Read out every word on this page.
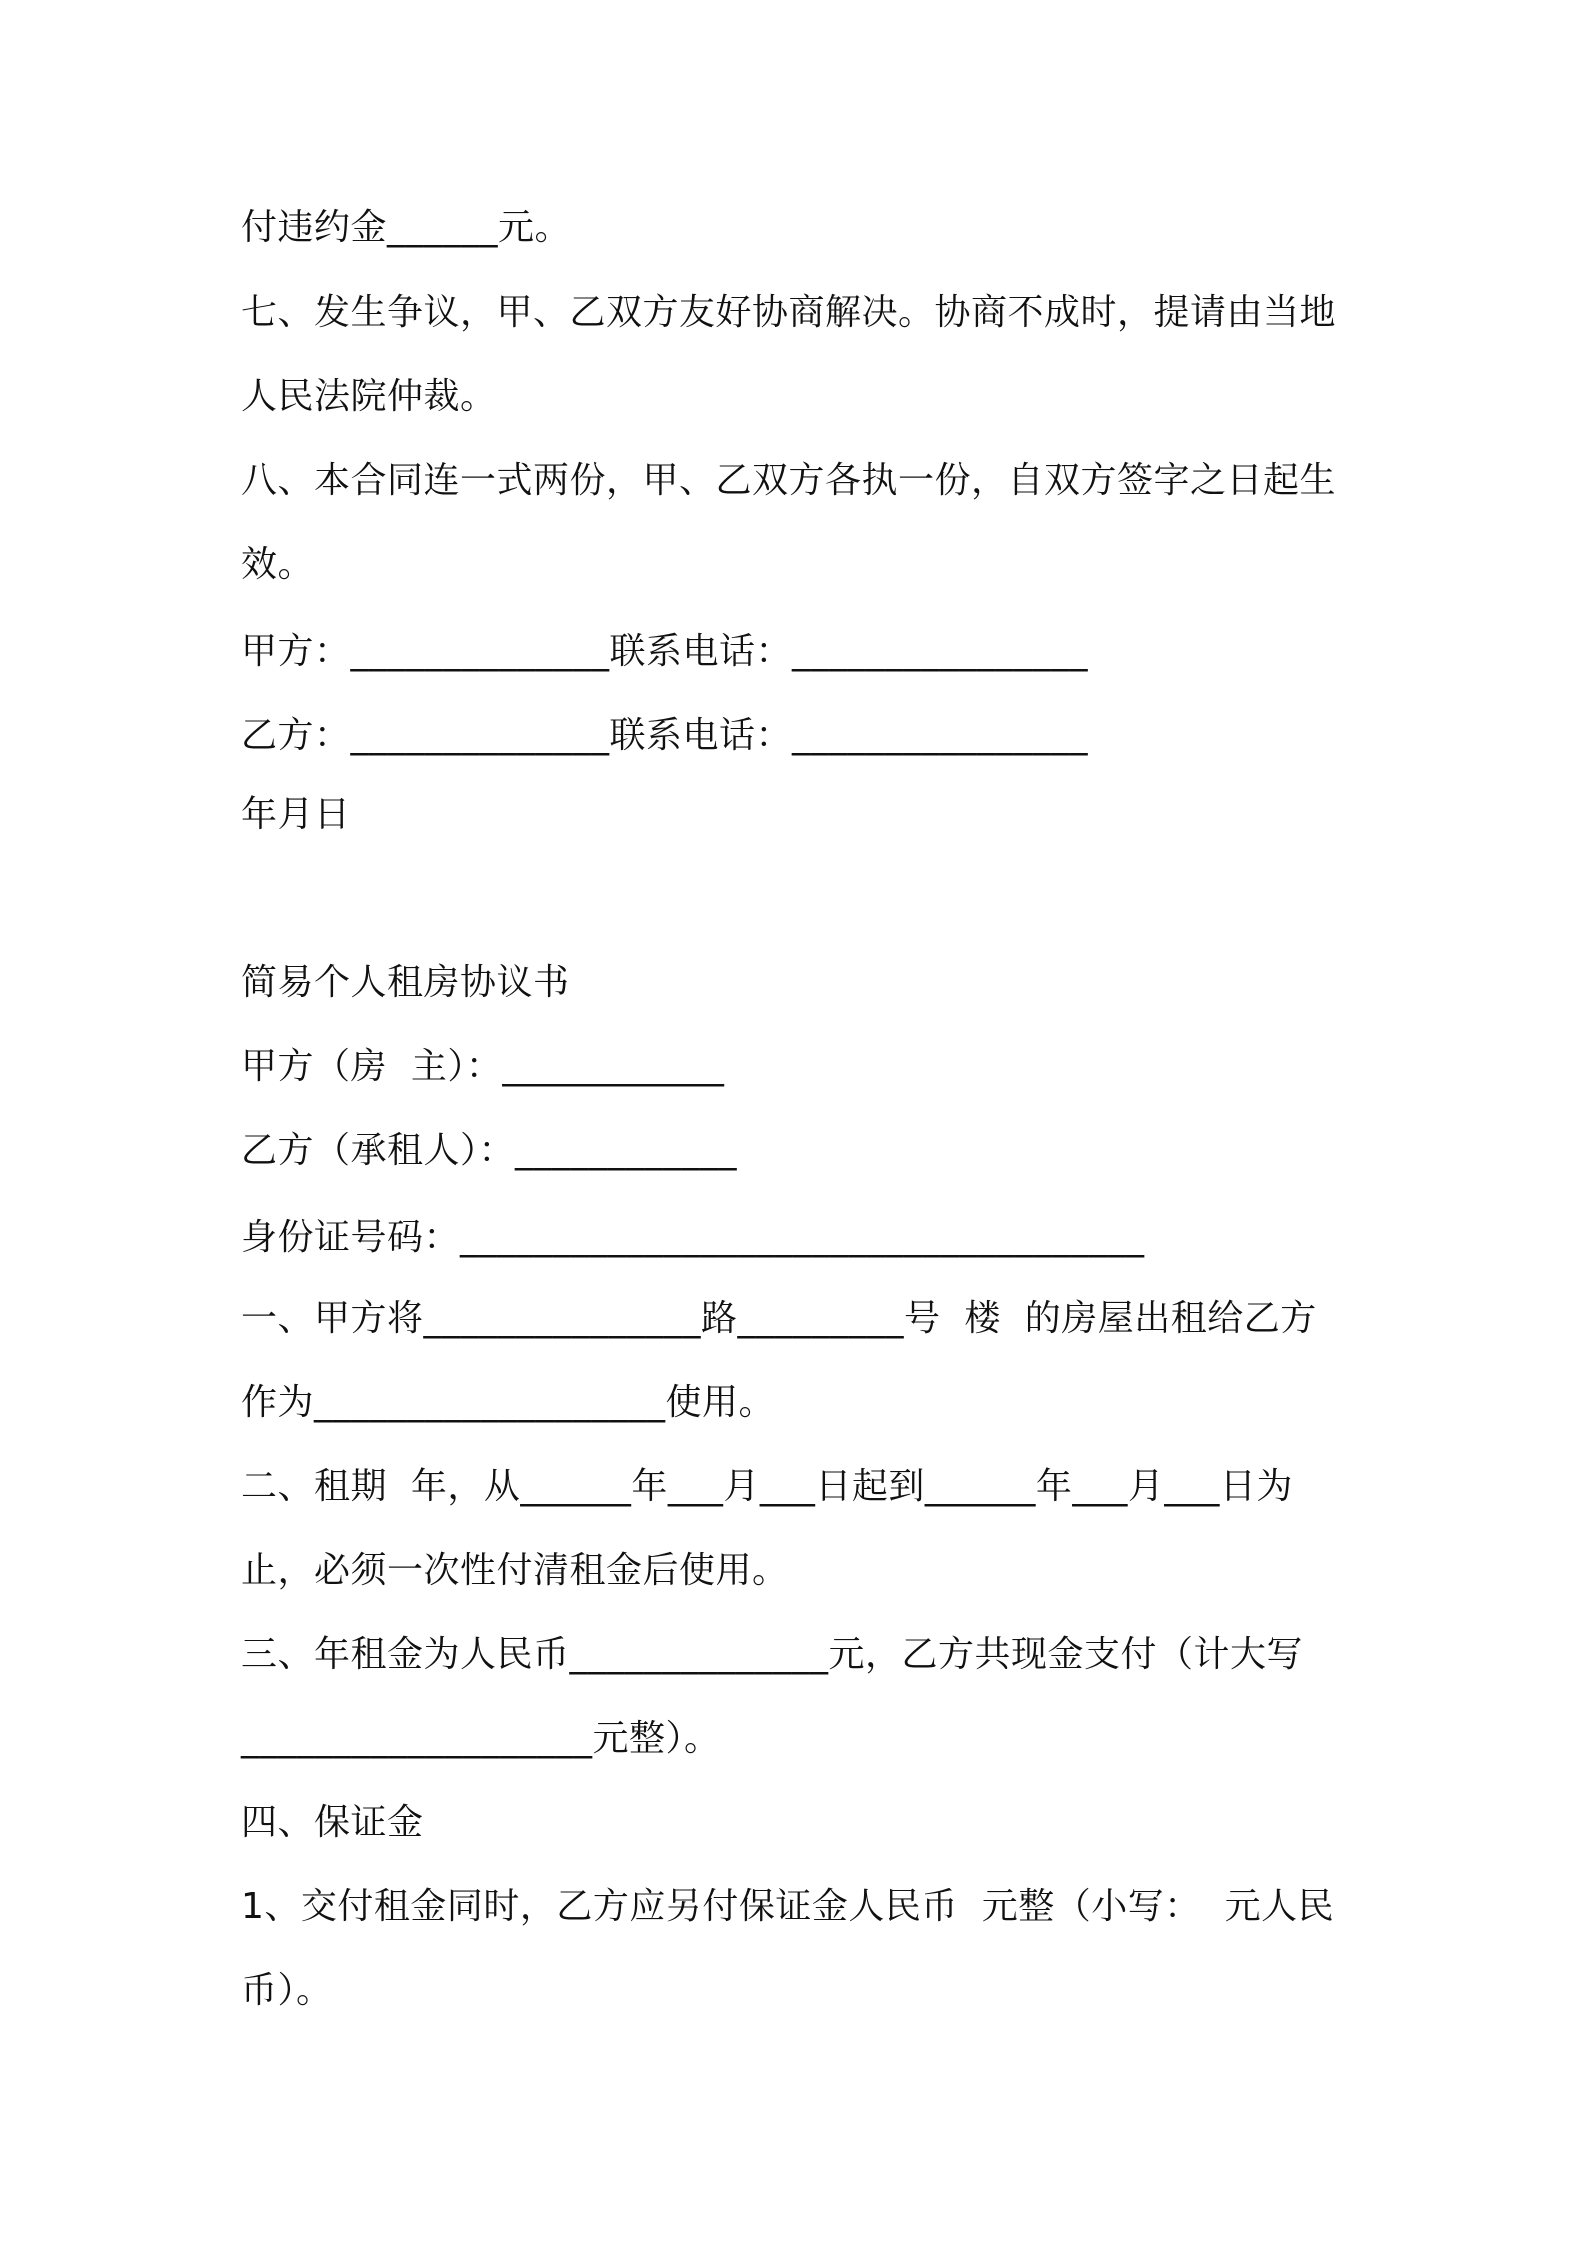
付违约金______元。
七、发生争议，甲、乙双方友好协商解决。协商不成时，提请由当地
人民法院仲裁。
八、本合同连一式两份，甲、乙双方各执一份，自双方签字之日起生
效。
甲方：______________联系电话：________________
乙方：______________联系电话：________________
年月日
简易个人租房协议书
甲方（房  主）：____________
乙方（承租人）：____________
身份证号码：_____________________________________
一、甲方将_______________路_________号  楼  的房屋出租给乙方
作为___________________使用。
二、租期  年，从______年___月___日起到______年___月___日为
止，必须一次性付清租金后使用。
三、年租金为人民币______________元，乙方共现金支付（计大写
___________________元整）。
四、保证金
1、交付租金同时，乙方应另付保证金人民币  元整（小写：  元人民
币）。
